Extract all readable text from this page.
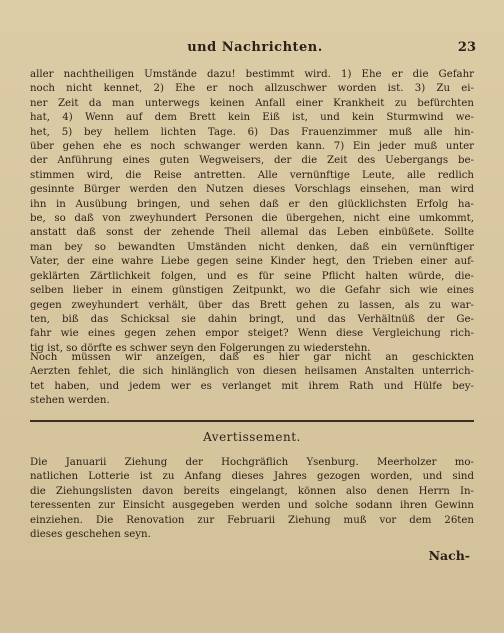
und Nachrichten.	23

aller nachtheiligen Umstände dazu! bestimmt wird. 1) Ehe er die Gefahr
noch nicht kennet, 2) Ehe er noch allzuschwer worden ist. 3) Zu ei-
ner Zeit da man unterwegs keinen Anfall einer Krankheit zu befürchten
hat, 4) Wenn auf dem Brett kein Eiß ist, und kein Sturmwind we-
het, 5) bey hellem lichten Tage. 6) Das Frauenzimmer muß alle hin-
über gehen ehe es noch schwanger werden kann. 7) Ein jeder muß unter
der Anführung eines guten Wegweisers, der die Zeit des Uebergangs be-
stimmen wird, die Reise antretten. Alle vernünftige Leute, alle redlich
gesinnte Bürger werden den Nutzen dieses Vorschlags einsehen, man wird
ihn in Ausübung bringen, und sehen daß er den glücklichsten Erfolg ha-
be, so daß von zweyhundert Personen die übergehen, nicht eine umkommt,
anstatt daß sonst der zehende Theil allemal das Leben einbüßete. Sollte
man bey so bewandten Umständen nicht denken, daß ein vernünftiger
Vater, der eine wahre Liebe gegen seine Kinder hegt, den Trieben einer auf-
geklärten Zärtlichkeit folgen, und es für seine Pflicht halten würde, die-
selben lieber in einem günstigen Zeitpunkt, wo die Gefahr sich wie eines
gegen zweyhundert verhält, über das Brett gehen zu lassen, als zu war-
ten, biß das Schicksal sie dahin bringt, und das Verhältnüß der Ge-
fahr wie eines gegen zehen empor steiget? Wenn diese Vergleichung rich-
tig ist, so dörfte es schwer seyn den Folgerungen zu wiederstehn.

Noch müssen wir anzeigen, daß es hier gar nicht an geschickten
Aerzten fehlet, die sich hinlänglich von diesen heilsamen Anstalten unterrich-
tet haben, und jedem wer es verlanget mit ihrem Rath und Hülfe bey-
stehen werden.

Avertissement.

Die Januarii Ziehung der Hochgräflich Ysenburg. Meerholzer mo-
natlichen Lotterie ist zu Anfang dieses Jahres gezogen worden, und sind
die Ziehungslisten davon bereits eingelangt, können also denen Herrn In-
teressenten zur Einsicht ausgegeben werden und solche sodann ihren Gewinn
einziehen. Die Renovation zur Februarii Ziehung muß vor dem 26ten
dieses geschehen seyn.

Nach-
